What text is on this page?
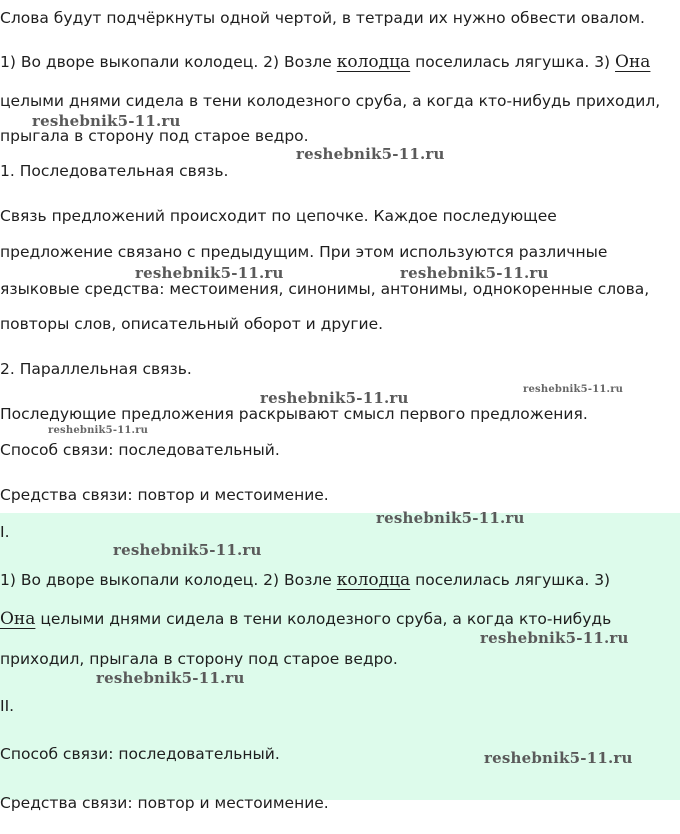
Слова будут подчёркнуты одной чертой, в тетради их нужно обвести овалом.
1) Во дворе выкопали колодец. 2) Возле колодца поселилась лягушка. 3) Она
целыми днями сидела в тени колодезного сруба, а когда кто-нибудь приходил,
прыгала в сторону под старое ведро.
1. Последовательная связь.
Связь предложений происходит по цепочке. Каждое последующее
предложение связано с предыдущим. При этом используются различные
языковые средства: местоимения, синонимы, антонимы, однокоренные слова,
повторы слов, описательный оборот и другие.
2. Параллельная связь.
Последующие предложения раскрывают смысл первого предложения.
Способ связи: последовательный.
Средства связи: повтор и местоимение.
I.
1) Во дворе выкопали колодец. 2) Возле колодца поселилась лягушка. 3)
Она целыми днями сидела в тени колодезного сруба, а когда кто-нибудь
приходил, прыгала в сторону под старое ведро.
II.
Способ связи: последовательный.
Средства связи: повтор и местоимение.
reshebnik5-11.ru
reshebnik5-11.ru
reshebnik5-11.ru	reshebnik5-11.ru
reshebnik5-11.ru	reshebnik5-11.ru
reshebnik5-11.ru
reshebnik5-11.ru
reshebnik5-11.ru
reshebnik5-11.ru
reshebnik5-11.ru
reshebnik5-11.ru
